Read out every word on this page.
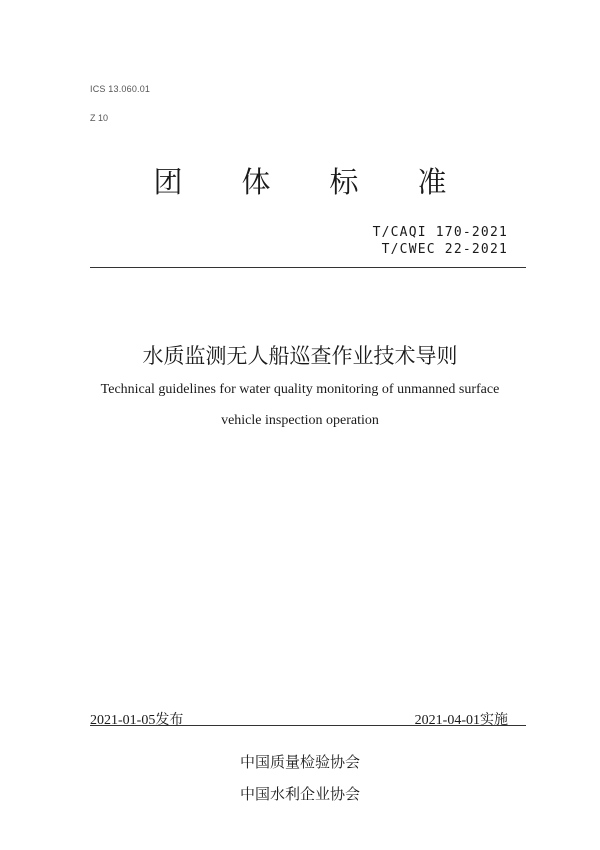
ICS 13.060.01
Z 10
团 体 标 准
T/CAQI 170-2021
T/CWEC 22-2021
水质监测无人船巡查作业技术导则
Technical guidelines for water quality monitoring of unmanned surface
vehicle inspection operation
2021-01-05发布	2021-04-01实施
中国质量检验协会
中国水利企业协会
